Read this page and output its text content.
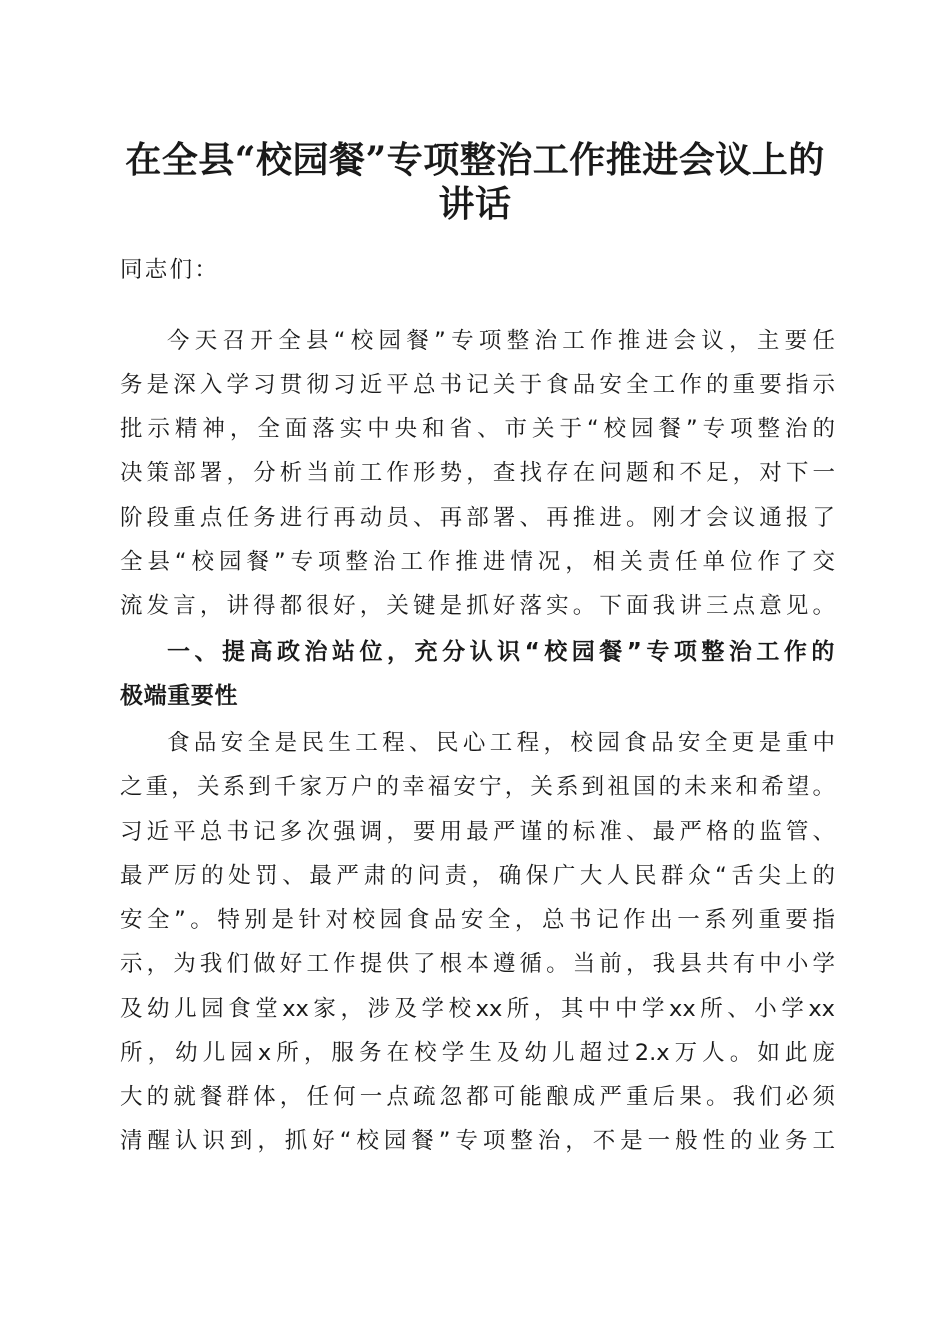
在全县“校园餐”专项整治工作推进会议上的
讲话

同志们：

今天召开全县“校园餐”专项整治工作推进会议，主要任

务是深入学习贯彻习近平总书记关于食品安全工作的重要指示

批示精神，全面落实中央和省、市关于“校园餐”专项整治的

决策部署，分析当前工作形势，查找存在问题和不足，对下一

阶段重点任务进行再动员、再部署、再推进。刚才会议通报了

全县“校园餐”专项整治工作推进情况，相关责任单位作了交

流发言，讲得都很好，关键是抓好落实。下面我讲三点意见。

一、提高政治站位，充分认识“校园餐”专项整治工作的

极端重要性

食品安全是民生工程、民心工程，校园食品安全更是重中

之重，关系到千家万户的幸福安宁，关系到祖国的未来和希望。

习近平总书记多次强调，要用最严谨的标准、最严格的监管、

最严厉的处罚、最严肃的问责，确保广大人民群众“舌尖上的

安全”。特别是针对校园食品安全，总书记作出一系列重要指

示，为我们做好工作提供了根本遵循。当前，我县共有中小学

及幼儿园食堂xx家，涉及学校xx所，其中中学xx所、小学xx

所，幼儿园x所，服务在校学生及幼儿超过2.x万人。如此庞

大的就餐群体，任何一点疏忽都可能酿成严重后果。我们必须

清醒认识到，抓好“校园餐”专项整治，不是一般性的业务工
